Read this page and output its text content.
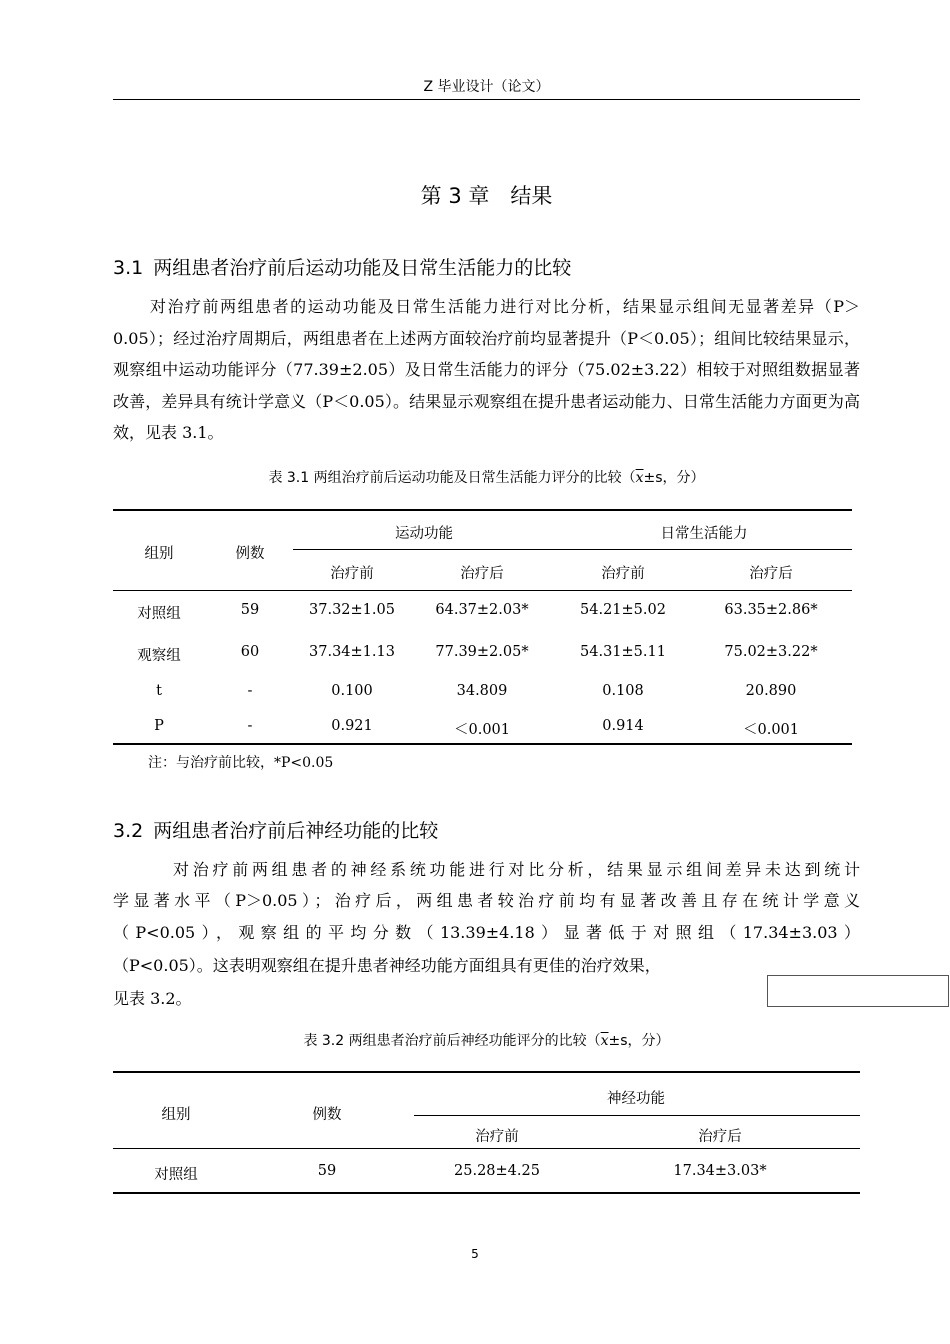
Z 毕业设计（论文）
第 3 章　结果
3.1 两组患者治疗前后运动功能及日常生活能力的比较
对治疗前两组患者的运动功能及日常生活能力进行对比分析，结果显示组间无显著差异（P＞0.05）；经过治疗周期后，两组患者在上述两方面较治疗前均显著提升（P＜0.05）；组间比较结果显示，观察组中运动功能评分（77.39±2.05）及日常生活能力的评分（75.02±3.22）相较于对照组数据显著改善，差异具有统计学意义（P＜0.05）。结果显示观察组在提升患者运动能力、日常生活能力方面更为高效，见表 3.1。
表 3.1 两组治疗前后运动功能及日常生活能力评分的比较（$\overline{x}\pm s$，分）
组别	例数
运动功能	日常生活能力
治疗前	治疗后	治疗前	治疗后
对照组	59	37.32±1.05	64.37±2.03*	54.21±5.02	63.35±2.86*
观察组	60	37.34±1.13	77.39±2.05*	54.31±5.11	75.02±3.22*
t	-	0.100	34.809	0.108	20.890
P	-	0.921	＜0.001	0.914	＜0.001
注：与治疗前比较，*P<0.05
3.2 两组患者治疗前后神经功能的比较
对治疗前两组患者的神经系统功能进行对比分析，结果显示组间差异未达到统计
学显著水平（P＞0.05）；治疗后，两组患者较治疗前均有显著改善且存在统计学意义
（P<0.05），观察组的平均分数（13.39±4.18）显著低于对照组（17.34±3.03）
（P<0.05）。这表明观察组在提升患者神经功能方面组具有更佳的治疗效果，
见表 3.2。
表 3.2 两组患者治疗前后神经功能评分的比较（$\overline{x}\pm s$，分）
组别	例数
神经功能
治疗前	治疗后
对照组	59	25.28±4.25	17.34±3.03*
5
